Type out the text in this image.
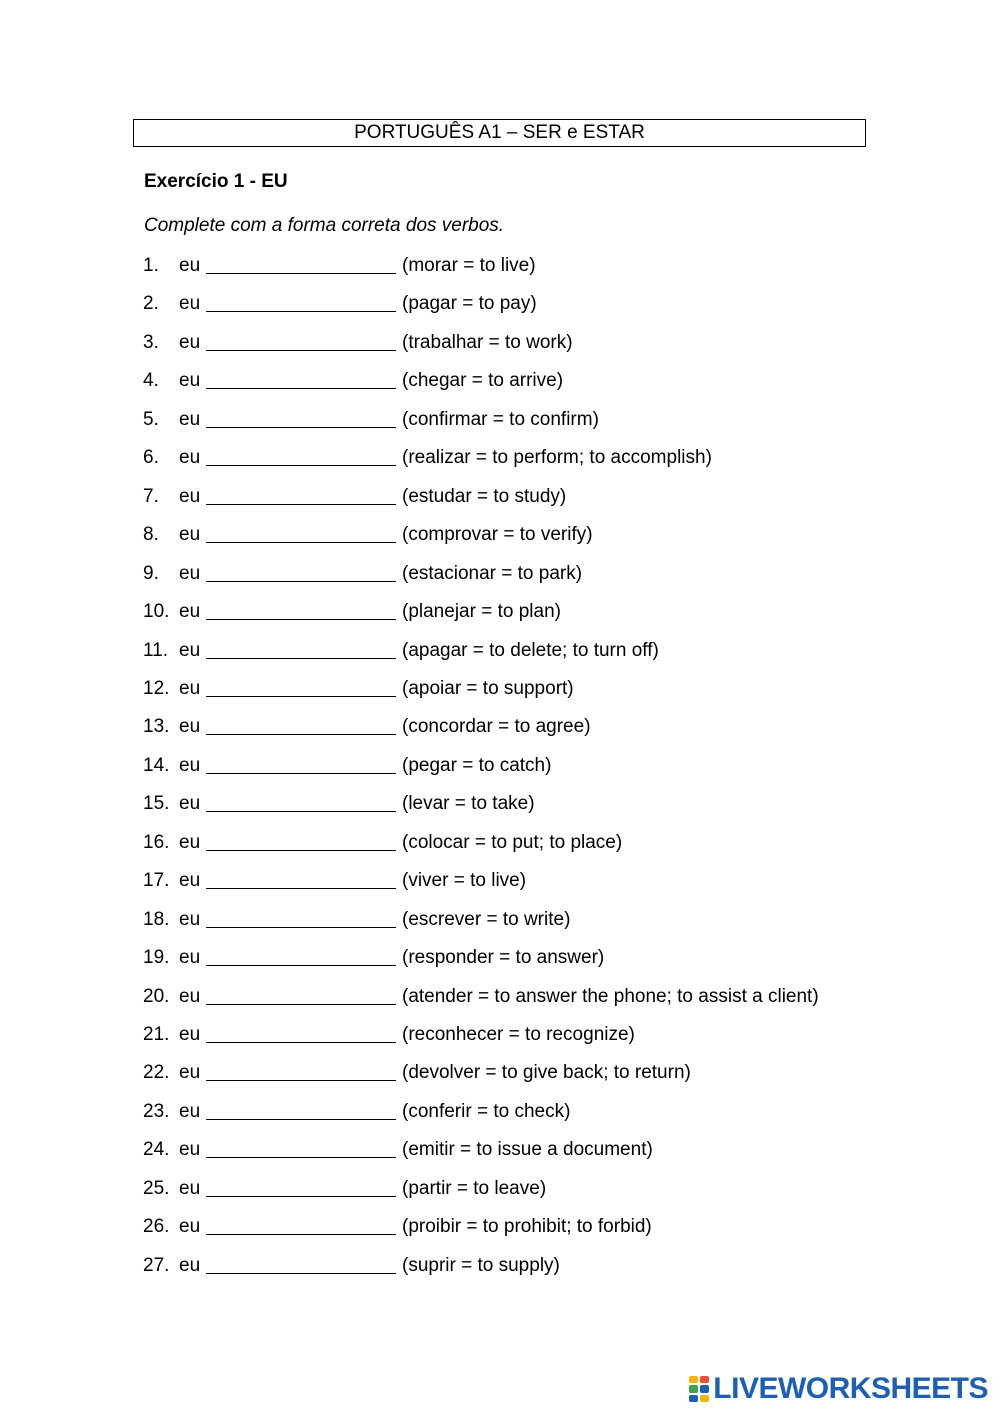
PORTUGUÊS A1 – SER e ESTAR
Exercício 1 - EU
Complete com a forma correta dos verbos.
1.	eu	(morar = to live)
2.	eu	(pagar = to pay)
3.	eu	(trabalhar = to work)
4.	eu	(chegar = to arrive)
5.	eu	(confirmar = to confirm)
6.	eu	(realizar = to perform; to accomplish)
7.	eu	(estudar = to study)
8.	eu	(comprovar = to verify)
9.	eu	(estacionar = to park)
10. eu	(planejar = to plan)
11. eu	(apagar = to delete; to turn off)
12. eu	(apoiar = to support)
13. eu	(concordar = to agree)
14. eu	(pegar = to catch)
15. eu	(levar = to take)
16. eu	(colocar = to put; to place)
17. eu	(viver = to live)
18. eu	(escrever = to write)
19. eu	(responder = to answer)
20. eu	(atender = to answer the phone; to assist a client)
21. eu	(reconhecer = to recognize)
22. eu	(devolver = to give back; to return)
23. eu	(conferir = to check)
24. eu	(emitir = to issue a document)
25. eu	(partir = to leave)
26. eu	(proibir = to prohibit; to forbid)
27. eu	(suprir = to supply)
LIVEWORKSHEETS
